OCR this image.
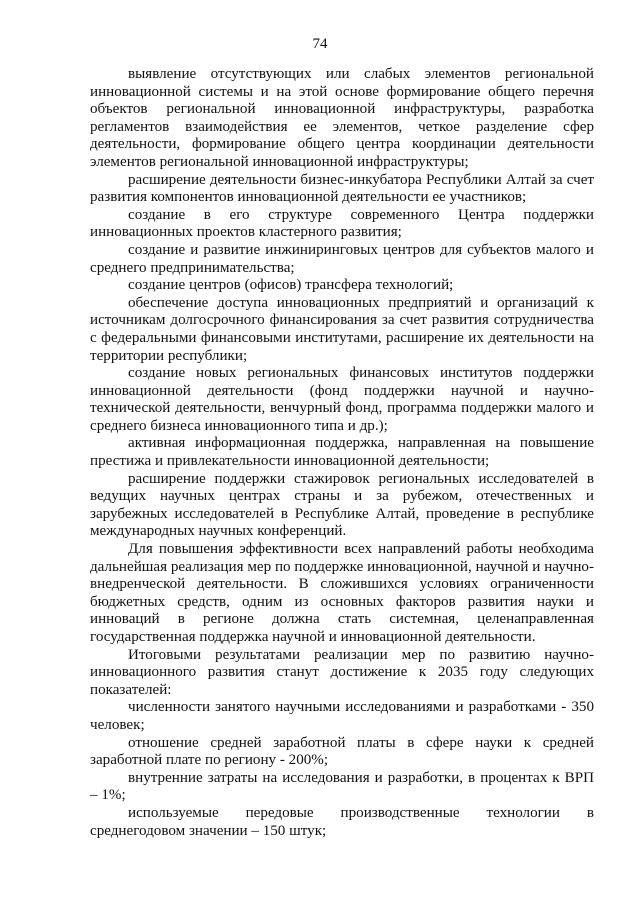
74

выявление отсутствующих или слабых элементов региональной инновационной системы и на этой основе формирование общего перечня объектов региональной инновационной инфраструктуры, разработка регламентов взаимодействия ее элементов, четкое разделение сфер деятельности, формирование общего центра координации деятельности элементов региональной инновационной инфраструктуры;

расширение деятельности бизнес-инкубатора Республики Алтай за счет развития компонентов инновационной деятельности ее участников;

создание в его структуре современного Центра поддержки инновационных проектов кластерного развития;

создание и развитие инжиниринговых центров для субъектов малого и среднего предпринимательства;

создание центров (офисов) трансфера технологий;

обеспечение доступа инновационных предприятий и организаций к источникам долгосрочного финансирования за счет развития сотрудничества с федеральными финансовыми институтами, расширение их деятельности на территории республики;

создание новых региональных финансовых институтов поддержки инновационной деятельности (фонд поддержки научной и научно-технической деятельности, венчурный фонд, программа поддержки малого и среднего бизнеса инновационного типа и др.);

активная информационная поддержка, направленная на повышение престижа и привлекательности инновационной деятельности;

расширение поддержки стажировок региональных исследователей в ведущих научных центрах страны и за рубежом, отечественных и зарубежных исследователей в Республике Алтай, проведение в республике международных научных конференций.

Для повышения эффективности всех направлений работы необходима дальнейшая реализация мер по поддержке инновационной, научной и научно-внедренческой деятельности. В сложившихся условиях ограниченности бюджетных средств, одним из основных факторов развития науки и инноваций в регионе должна стать системная, целенаправленная государственная поддержка научной и инновационной деятельности.

Итоговыми результатами реализации мер по развитию научно-инновационного развития станут достижение к 2035 году следующих показателей:

численности занятого научными исследованиями и разработками - 350 человек;

отношение средней заработной платы в сфере науки к средней заработной плате по региону - 200%;

внутренние затраты на исследования и разработки, в процентах к ВРП – 1%;

используемые передовые производственные технологии в среднегодовом значении – 150 штук;
